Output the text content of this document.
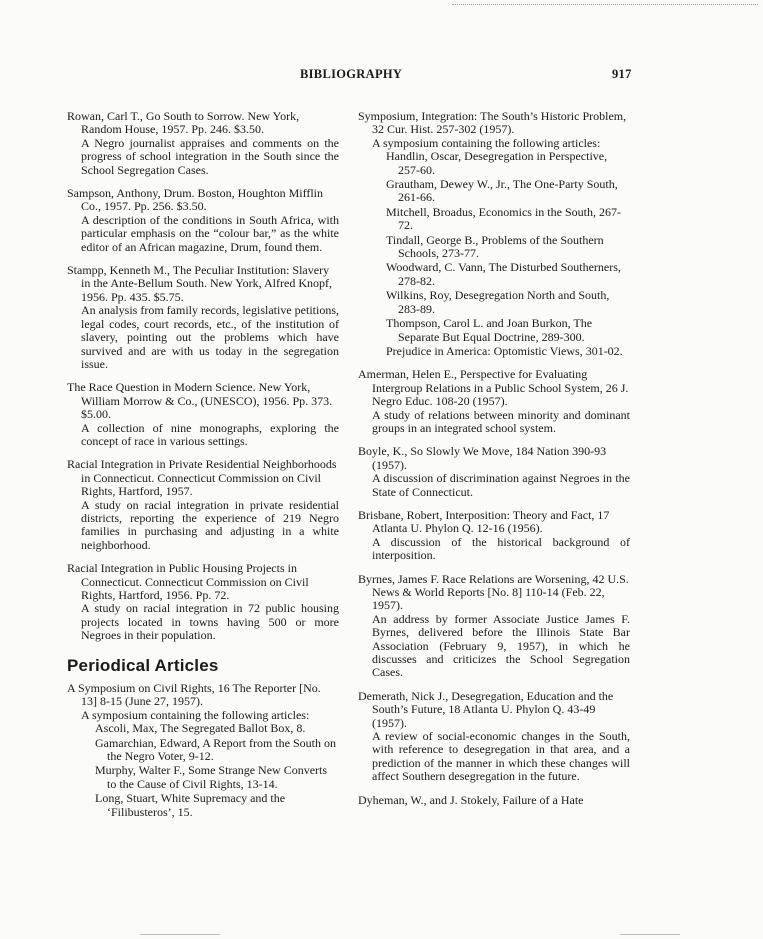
BIBLIOGRAPHY	917
Rowan, Carl T., Go South to Sorrow. New York, Random House, 1957. Pp. 246. $3.50.
A Negro journalist appraises and comments on the progress of school integration in the South since the School Segregation Cases.
Sampson, Anthony, Drum. Boston, Houghton Mifflin Co., 1957. Pp. 256. $3.50.
A description of the conditions in South Africa, with particular emphasis on the “colour bar,” as the white editor of an African magazine, Drum, found them.
Stampp, Kenneth M., The Peculiar Institution: Slavery in the Ante-Bellum South. New York, Alfred Knopf, 1956. Pp. 435. $5.75.
An analysis from family records, legislative petitions, legal codes, court records, etc., of the institution of slavery, pointing out the problems which have survived and are with us today in the segregation issue.
The Race Question in Modern Science. New York, William Morrow & Co., (UNESCO), 1956. Pp. 373. $5.00.
A collection of nine monographs, exploring the concept of race in various settings.
Racial Integration in Private Residential Neighborhoods in Connecticut. Connecticut Commission on Civil Rights, Hartford, 1957.
A study on racial integration in private residential districts, reporting the experience of 219 Negro families in purchasing and adjusting in a white neighborhood.
Racial Integration in Public Housing Projects in Connecticut. Connecticut Commission on Civil Rights, Hartford, 1956. Pp. 72.
A study on racial integration in 72 public housing projects located in towns having 500 or more Negroes in their population.
Periodical Articles
A Symposium on Civil Rights, 16 The Reporter [No. 13] 8-15 (June 27, 1957).
A symposium containing the following articles:
Ascoli, Max, The Segregated Ballot Box, 8.
Gamarchian, Edward, A Report from the South on the Negro Voter, 9-12.
Murphy, Walter F., Some Strange New Converts to the Cause of Civil Rights, 13-14.
Long, Stuart, White Supremacy and the ‘Filibusteros’, 15.
Symposium, Integration: The South’s Historic Problem, 32 Cur. Hist. 257-302 (1957).
A symposium containing the following articles:
Handlin, Oscar, Desegregation in Perspective, 257-60.
Grautham, Dewey W., Jr., The One-Party South, 261-66.
Mitchell, Broadus, Economics in the South, 267-72.
Tindall, George B., Problems of the Southern Schools, 273-77.
Woodward, C. Vann, The Disturbed Southerners, 278-82.
Wilkins, Roy, Desegregation North and South, 283-89.
Thompson, Carol L. and Joan Burkon, The Separate But Equal Doctrine, 289-300.
Prejudice in America: Optomistic Views, 301-02.
Amerman, Helen E., Perspective for Evaluating Intergroup Relations in a Public School System, 26 J. Negro Educ. 108-20 (1957).
A study of relations between minority and dominant groups in an integrated school system.
Boyle, K., So Slowly We Move, 184 Nation 390-93 (1957).
A discussion of discrimination against Negroes in the State of Connecticut.
Brisbane, Robert, Interposition: Theory and Fact, 17 Atlanta U. Phylon Q. 12-16 (1956).
A discussion of the historical background of interposition.
Byrnes, James F. Race Relations are Worsening, 42 U.S. News & World Reports [No. 8] 110-14 (Feb. 22, 1957).
An address by former Associate Justice James F. Byrnes, delivered before the Illinois State Bar Association (February 9, 1957), in which he discusses and criticizes the School Segregation Cases.
Demerath, Nick J., Desegregation, Education and the South’s Future, 18 Atlanta U. Phylon Q. 43-49 (1957).
A review of social-economic changes in the South, with reference to desegregation in that area, and a prediction of the manner in which these changes will affect Southern desegregation in the future.
Dyheman, W., and J. Stokely, Failure of a Hate
